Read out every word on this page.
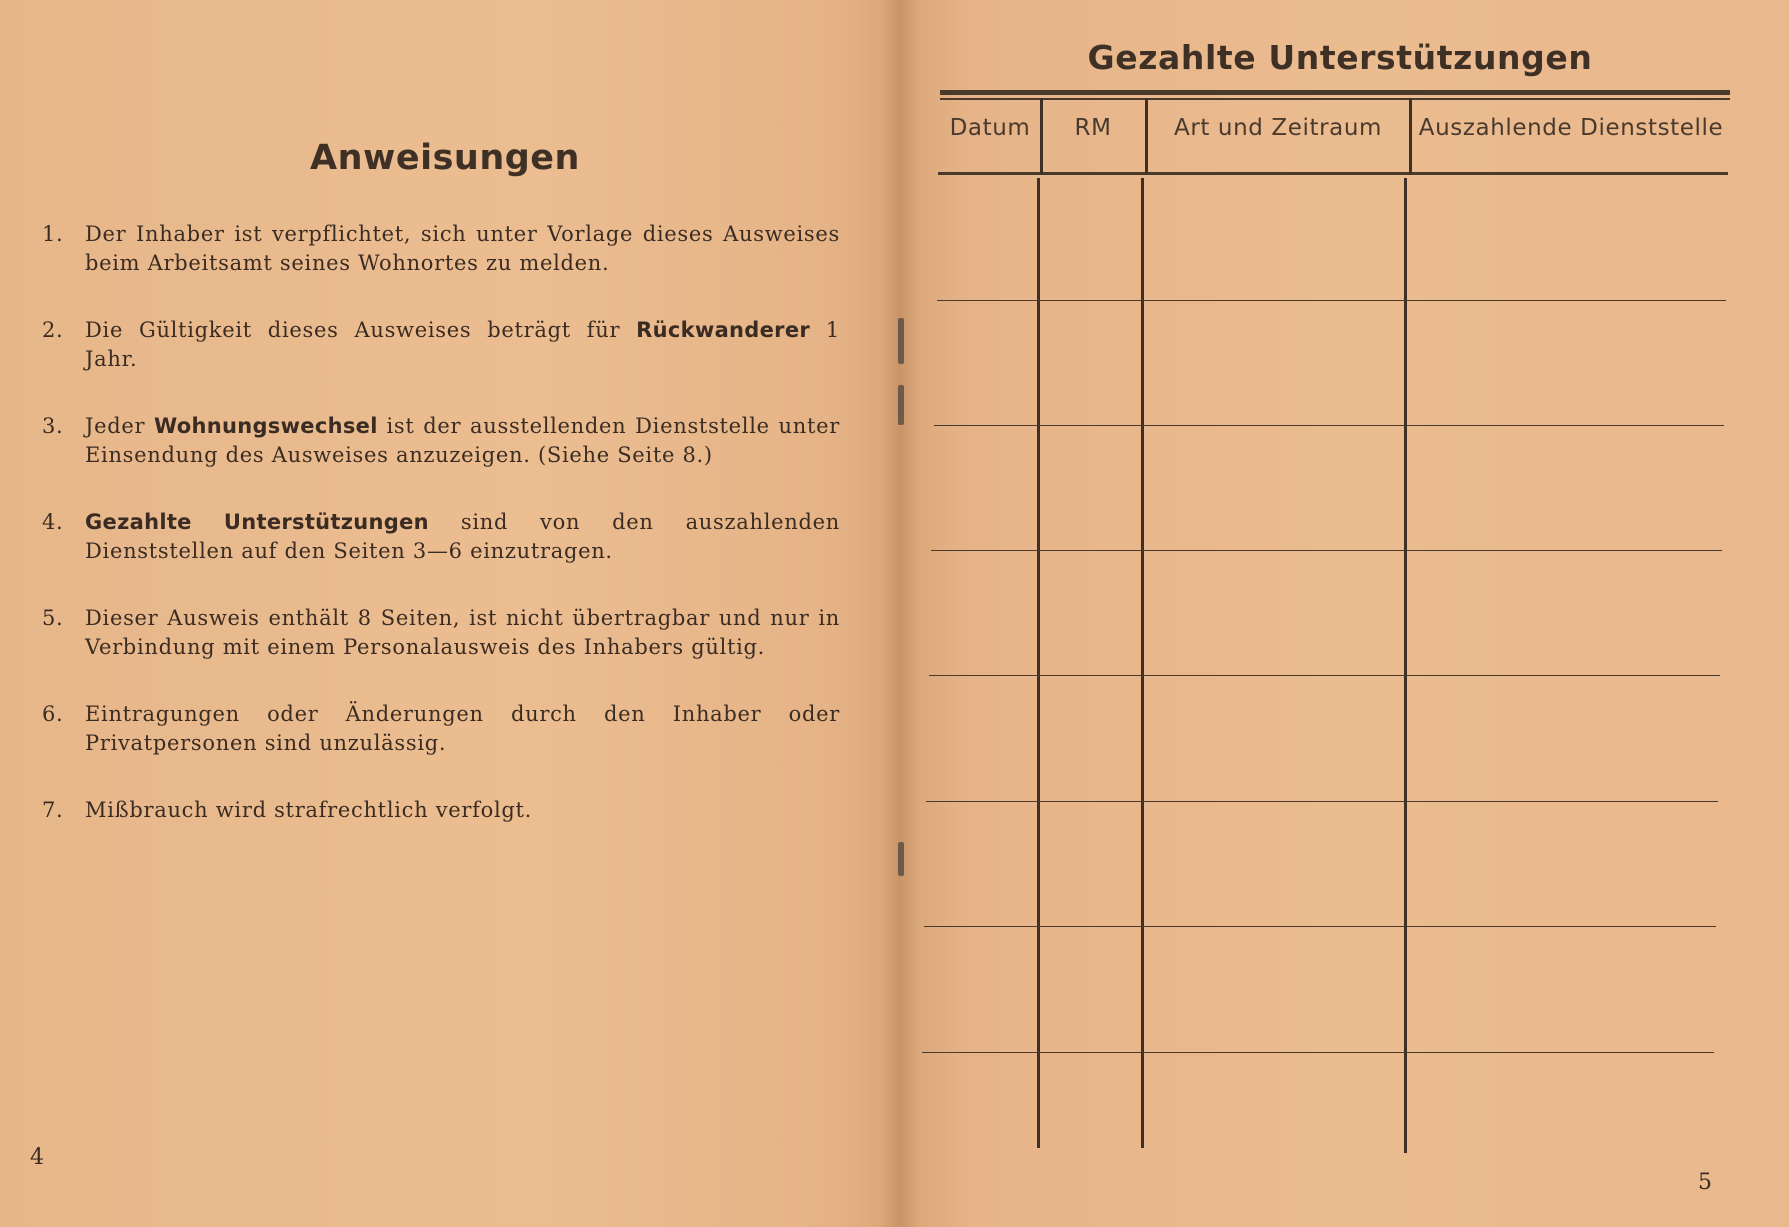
Anweisungen
1. Der Inhaber ist verpflichtet, sich unter Vorlage dieses Ausweises beim Arbeitsamt seines Wohnortes zu melden.
2. Die Gültigkeit dieses Ausweises beträgt für Rückwanderer 1 Jahr.
3. Jeder Wohnungswechsel ist der ausstellenden Dienststelle unter Einsendung des Ausweises anzuzeigen. (Siehe Seite 8.)
4. Gezahlte Unterstützungen sind von den auszahlenden Dienststellen auf den Seiten 3—6 einzutragen.
5. Dieser Ausweis enthält 8 Seiten, ist nicht übertragbar und nur in Verbindung mit einem Personalausweis des Inhabers gültig.
6. Eintragungen oder Änderungen durch den Inhaber oder Privatpersonen sind unzulässig.
7. Mißbrauch wird strafrechtlich verfolgt.
4
Gezahlte Unterstützungen
Datum	RM	Art und Zeitraum	Auszahlende Dienststelle
5
